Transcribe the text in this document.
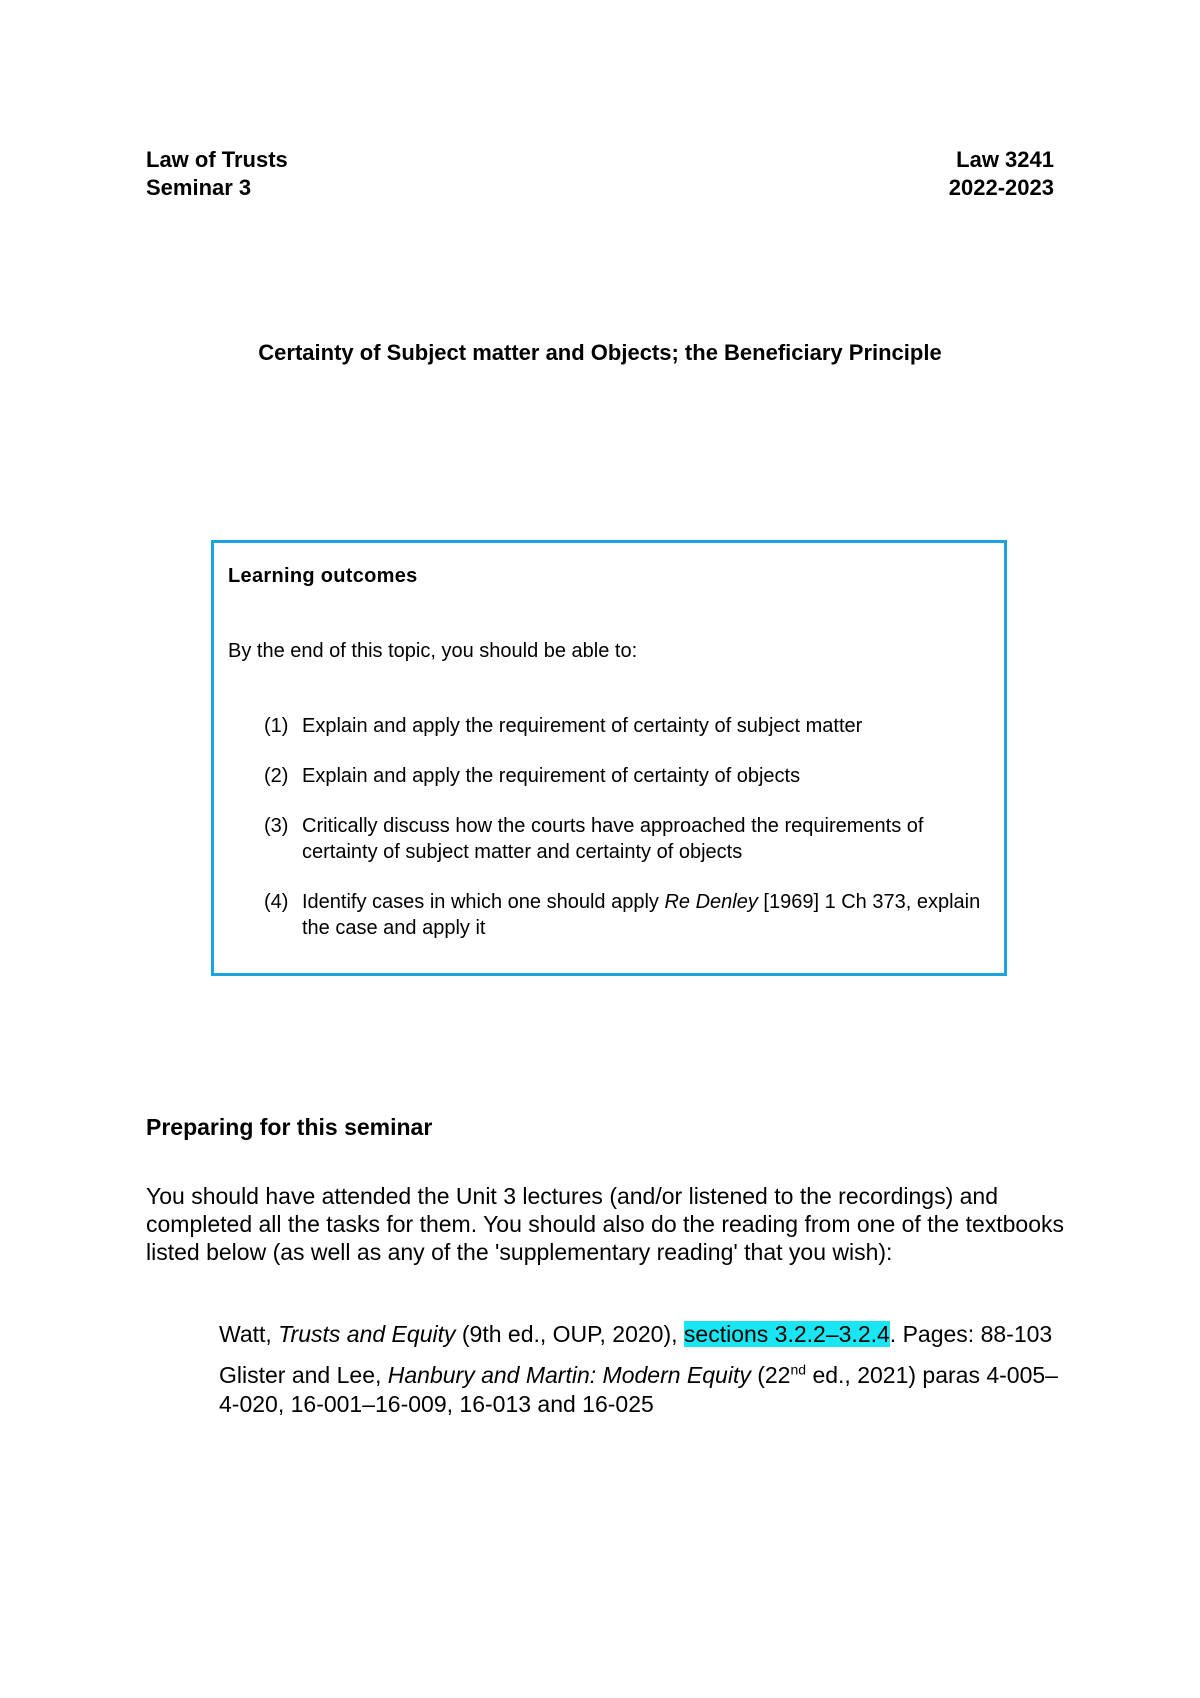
Law of Trusts
Seminar 3
Law 3241
2022-2023
Certainty of Subject matter and Objects; the Beneficiary Principle
Learning outcomes
By the end of this topic, you should be able to:
(1) Explain and apply the requirement of certainty of subject matter
(2) Explain and apply the requirement of certainty of objects
(3) Critically discuss how the courts have approached the requirements of certainty of subject matter and certainty of objects
(4) Identify cases in which one should apply Re Denley [1969] 1 Ch 373, explain the case and apply it
Preparing for this seminar
You should have attended the Unit 3 lectures (and/or listened to the recordings) and completed all the tasks for them. You should also do the reading from one of the textbooks listed below (as well as any of the 'supplementary reading' that you wish):
Watt, Trusts and Equity (9th ed., OUP, 2020), sections 3.2.2–3.2.4. Pages: 88-103
Glister and Lee, Hanbury and Martin: Modern Equity (22nd ed., 2021) paras 4-005–4-020, 16-001–16-009, 16-013 and 16-025
